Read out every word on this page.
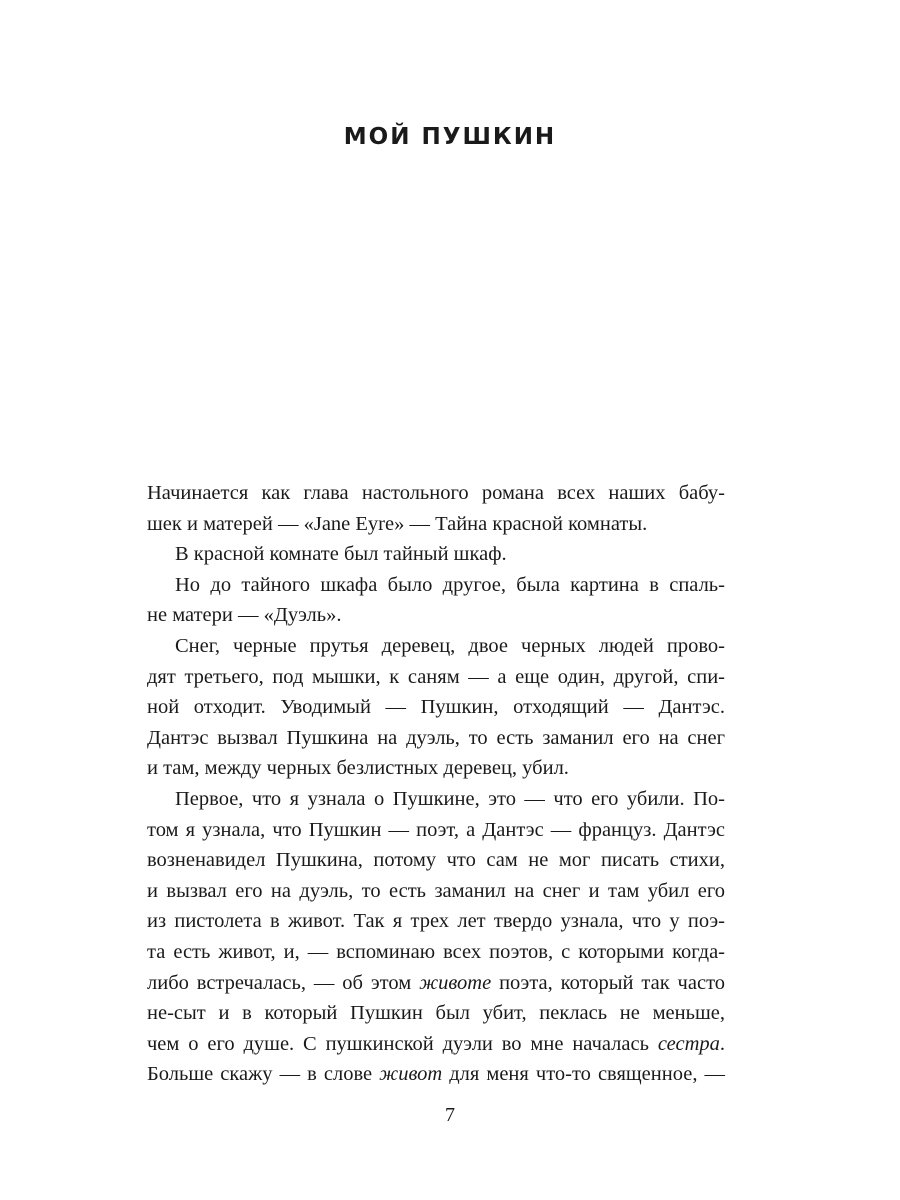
МОЙ ПУШКИН
Начинается как глава настольного романа всех наших бабу-
шек и матерей — «Jane Eyre» — Тайна красной комнаты.
В красной комнате был тайный шкаф.
Но до тайного шкафа было другое, была картина в спаль-
не матери — «Дуэль».
Снег, черные прутья деревец, двое черных людей прово-
дят третьего, под мышки, к саням — а еще один, другой, спи-
ной отходит. Уводимый — Пушкин, отходящий — Дантэс.
Дантэс вызвал Пушкина на дуэль, то есть заманил его на снег
и там, между черных безлистных деревец, убил.
Первое, что я узнала о Пушкине, это — что его убили. По-
том я узнала, что Пушкин — поэт, а Дантэс — француз. Дантэс
возненавидел Пушкина, потому что сам не мог писать стихи,
и вызвал его на дуэль, то есть заманил на снег и там убил его
из пистолета в живот. Так я трех лет твердо узнала, что у поэ-
та есть живот, и, — вспоминаю всех поэтов, с которыми когда-
либо встречалась, — об этом животе поэта, который так часто
не-сыт и в который Пушкин был убит, пеклась не меньше,
чем о его душе. С пушкинской дуэли во мне началась сестра.
Больше скажу — в слове живот для меня что-то священное, —
7
